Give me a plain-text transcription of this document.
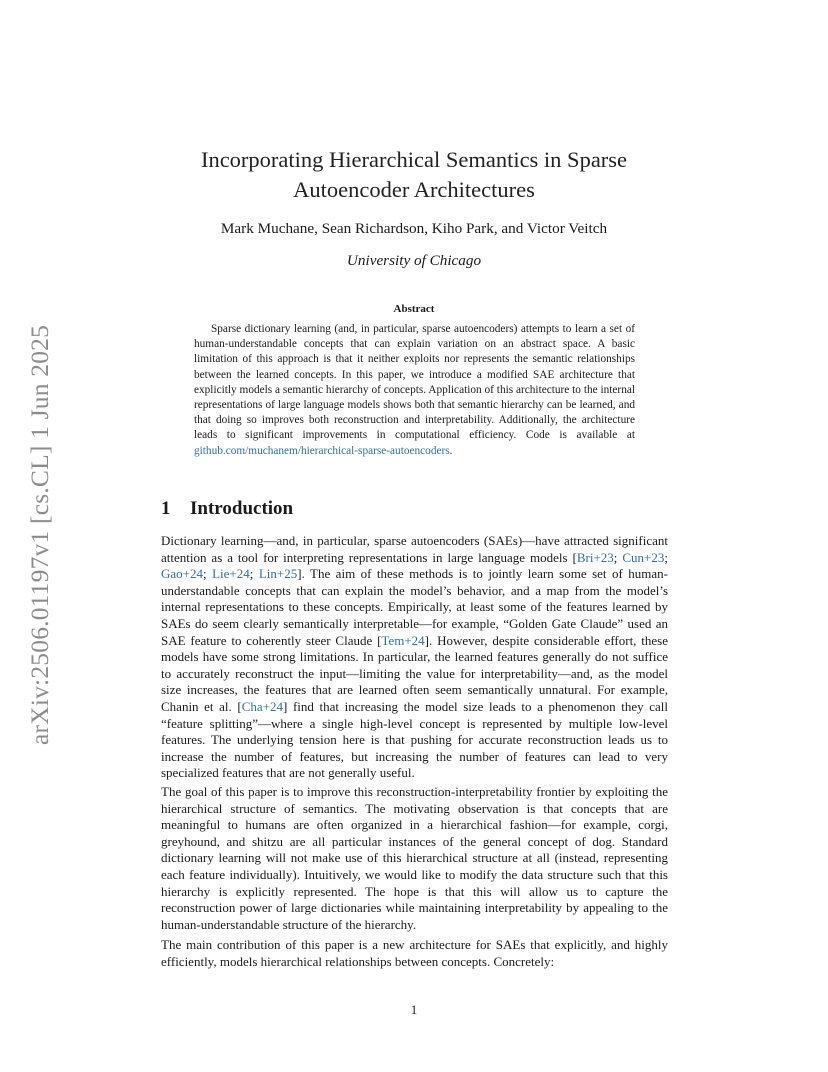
arXiv:2506.01197v1 [cs.CL] 1 Jun 2025
Incorporating Hierarchical Semantics in Sparse
Autoencoder Architectures
Mark Muchane, Sean Richardson, Kiho Park, and Victor Veitch
University of Chicago
Abstract
Sparse dictionary learning (and, in particular, sparse autoencoders) attempts to learn a set of human-understandable concepts that can explain variation on an abstract space. A basic limitation of this approach is that it neither exploits nor represents the semantic relationships between the learned concepts. In this paper, we introduce a modified SAE architecture that explicitly models a semantic hierarchy of concepts. Application of this architecture to the internal representations of large language models shows both that semantic hierarchy can be learned, and that doing so improves both reconstruction and interpretability. Additionally, the architecture leads to significant improvements in computational efficiency. Code is available at github.com/muchanem/hierarchical-sparse-autoencoders.
1 Introduction
Dictionary learning—and, in particular, sparse autoencoders (SAEs)—have attracted significant attention as a tool for interpreting representations in large language models [Bri+23; Cun+23; Gao+24; Lie+24; Lin+25]. The aim of these methods is to jointly learn some set of human-understandable concepts that can explain the model’s behavior, and a map from the model’s internal representations to these concepts. Empirically, at least some of the features learned by SAEs do seem clearly semantically interpretable—for example, “Golden Gate Claude” used an SAE feature to coherently steer Claude [Tem+24]. However, despite considerable effort, these models have some strong limitations. In particular, the learned features generally do not suffice to accurately reconstruct the input—limiting the value for interpretability—and, as the model size increases, the features that are learned often seem semantically unnatural. For example, Chanin et al. [Cha+24] find that increasing the model size leads to a phenomenon they call “feature splitting”—where a single high-level concept is represented by multiple low-level features. The underlying tension here is that pushing for accurate reconstruction leads us to increase the number of features, but increasing the number of features can lead to very specialized features that are not generally useful.
The goal of this paper is to improve this reconstruction-interpretability frontier by exploiting the hierarchical structure of semantics. The motivating observation is that concepts that are meaningful to humans are often organized in a hierarchical fashion—for example, corgi, greyhound, and shitzu are all particular instances of the general concept of dog. Standard dictionary learning will not make use of this hierarchical structure at all (instead, representing each feature individually). Intuitively, we would like to modify the data structure such that this hierarchy is explicitly represented. The hope is that this will allow us to capture the reconstruction power of large dictionaries while maintaining interpretability by appealing to the human-understandable structure of the hierarchy.
The main contribution of this paper is a new architecture for SAEs that explicitly, and highly efficiently, models hierarchical relationships between concepts. Concretely:
1
